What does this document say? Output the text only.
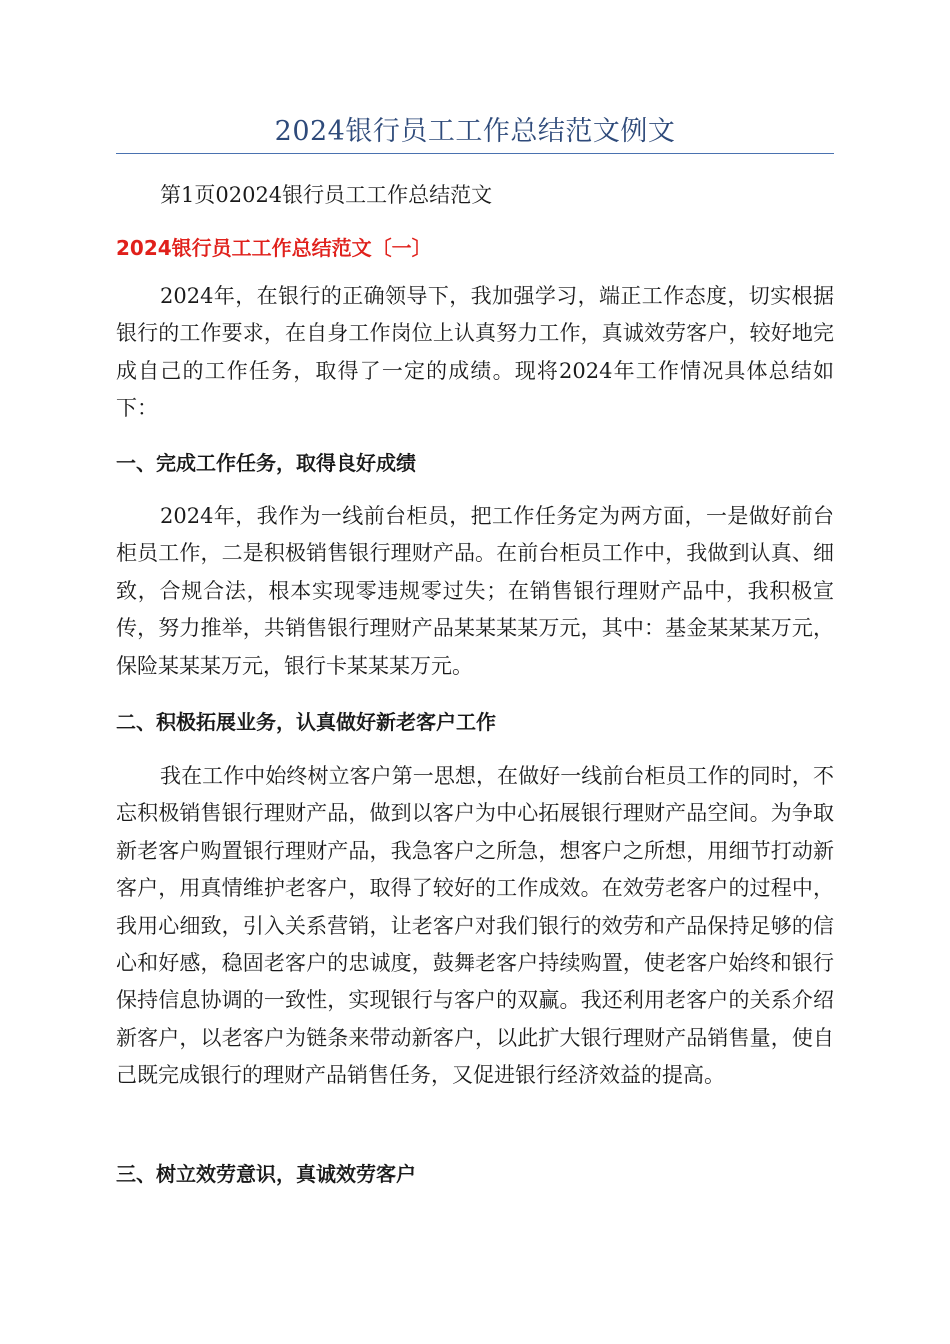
2024银行员工工作总结范文例文
第1页02024银行员工工作总结范文
2024银行员工工作总结范文〔一〕

2024年，在银行的正确领导下，我加强学习，端正工作态度，切实根据银行的工作要求，在自身工作岗位上认真努力工作，真诚效劳客户，较好地完成自己的工作任务，取得了一定的成绩。现将2024年工作情况具体总结如下：

一、完成工作任务，取得良好成绩

2024年，我作为一线前台柜员，把工作任务定为两方面，一是做好前台柜员工作，二是积极销售银行理财产品。在前台柜员工作中，我做到认真、细致，合规合法，根本实现零违规零过失；在销售银行理财产品中，我积极宣传，努力推举，共销售银行理财产品某某某某万元，其中：基金某某某万元，保险某某某万元，银行卡某某某万元。

二、积极拓展业务，认真做好新老客户工作

我在工作中始终树立客户第一思想，在做好一线前台柜员工作的同时，不忘积极销售银行理财产品，做到以客户为中心拓展银行理财产品空间。为争取新老客户购置银行理财产品，我急客户之所急，想客户之所想，用细节打动新客户，用真情维护老客户，取得了较好的工作成效。在效劳老客户的过程中，我用心细致，引入关系营销，让老客户对我们银行的效劳和产品保持足够的信心和好感，稳固老客户的忠诚度，鼓舞老客户持续购置，使老客户始终和银行保持信息协调的一致性，实现银行与客户的双赢。我还利用老客户的关系介绍新客户，以老客户为链条来带动新客户，以此扩大银行理财产品销售量，使自己既完成银行的理财产品销售任务，又促进银行经济效益的提高。

三、树立效劳意识，真诚效劳客户
